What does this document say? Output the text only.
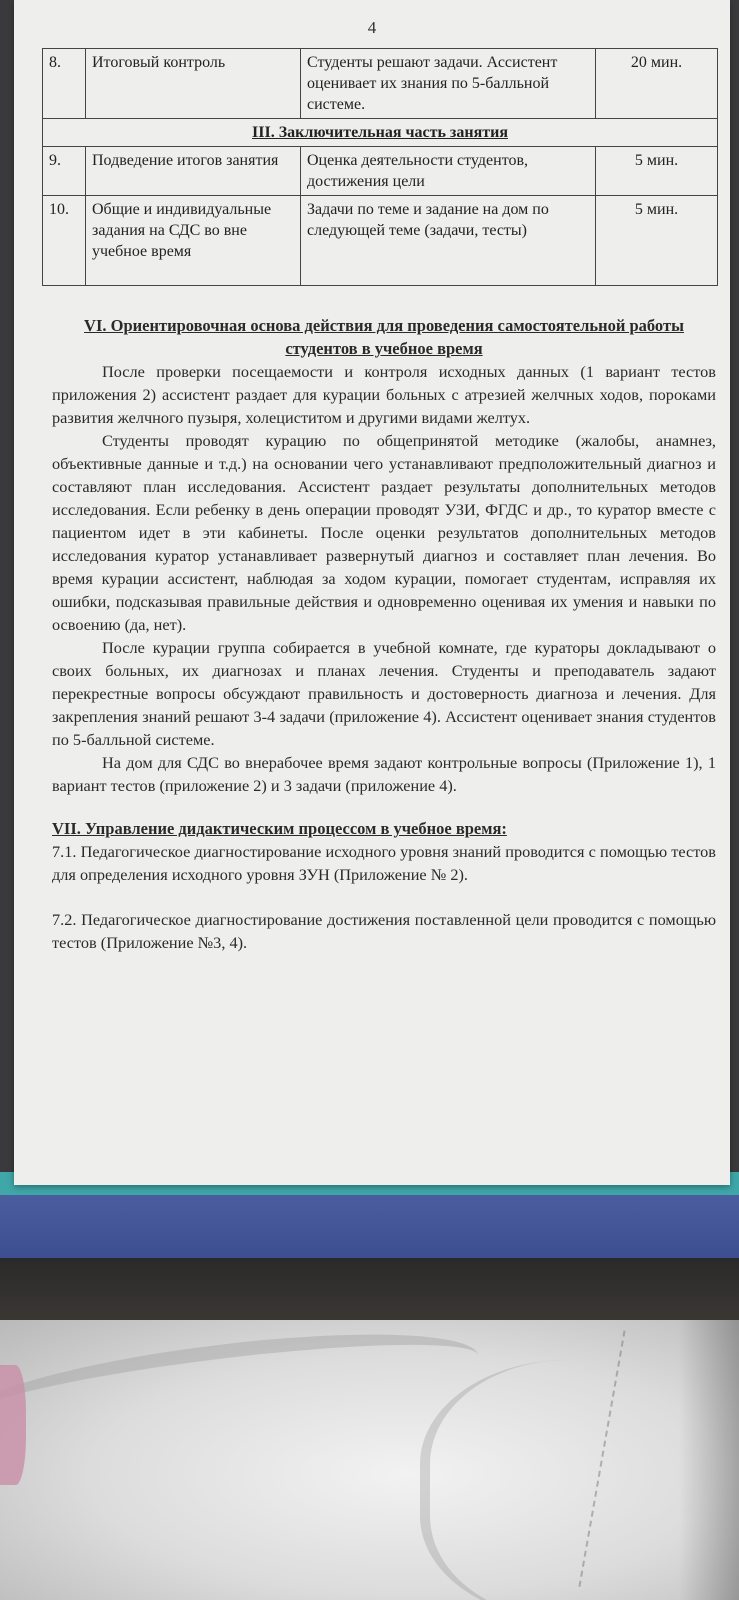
4
8.	Итоговый контроль	Студенты решают задачи. Ассистент оценивает их знания по 5-балльной системе.	20 мин.
III. Заключительная часть занятия			
9.	Подведение итогов занятия	Оценка деятельности студентов, достижения цели	5 мин.
10.	Общие и индивидуальные задания на СДС во вне учебное время	Задачи по теме и задание на дом по следующей теме (задачи, тесты)	5 мин.
VI. Ориентировочная основа действия для проведения самостоятельной работы студентов в учебное время

После проверки посещаемости и контроля исходных данных (1 вариант тестов приложения 2) ассистент раздает для курации больных с атрезией желчных ходов, пороками развития желчного пузыря, холециститом и другими видами желтух.

Студенты проводят курацию по общепринятой методике (жалобы, анамнез, объективные данные и т.д.) на основании чего устанавливают предположительный диагноз и составляют план исследования. Ассистент раздает результаты дополнительных методов исследования. Если ребенку в день операции проводят УЗИ, ФГДС и др., то куратор вместе с пациентом идет в эти кабинеты. После оценки результатов дополнительных методов исследования куратор устанавливает развернутый диагноз и составляет план лечения. Во время курации ассистент, наблюдая за ходом курации, помогает студентам, исправляя их ошибки, подсказывая правильные действия и одновременно оценивая их умения и навыки по освоению (да, нет).

После курации группа собирается в учебной комнате, где кураторы докладывают о своих больных, их диагнозах и планах лечения. Студенты и преподаватель задают перекрестные вопросы обсуждают правильность и достоверность диагноза и лечения. Для закрепления знаний решают 3-4 задачи (приложение 4). Ассистент оценивает знания студентов по 5-балльной системе.

На дом для СДС во внерабочее время задают контрольные вопросы (Приложение 1), 1 вариант тестов (приложение 2) и 3 задачи (приложение 4).

VII. Управление дидактическим процессом в учебное время:

7.1. Педагогическое диагностирование исходного уровня знаний проводится с помощью тестов для определения исходного уровня ЗУН (Приложение № 2).

7.2. Педагогическое диагностирование достижения поставленной цели проводится с помощью тестов (Приложение №3, 4).
